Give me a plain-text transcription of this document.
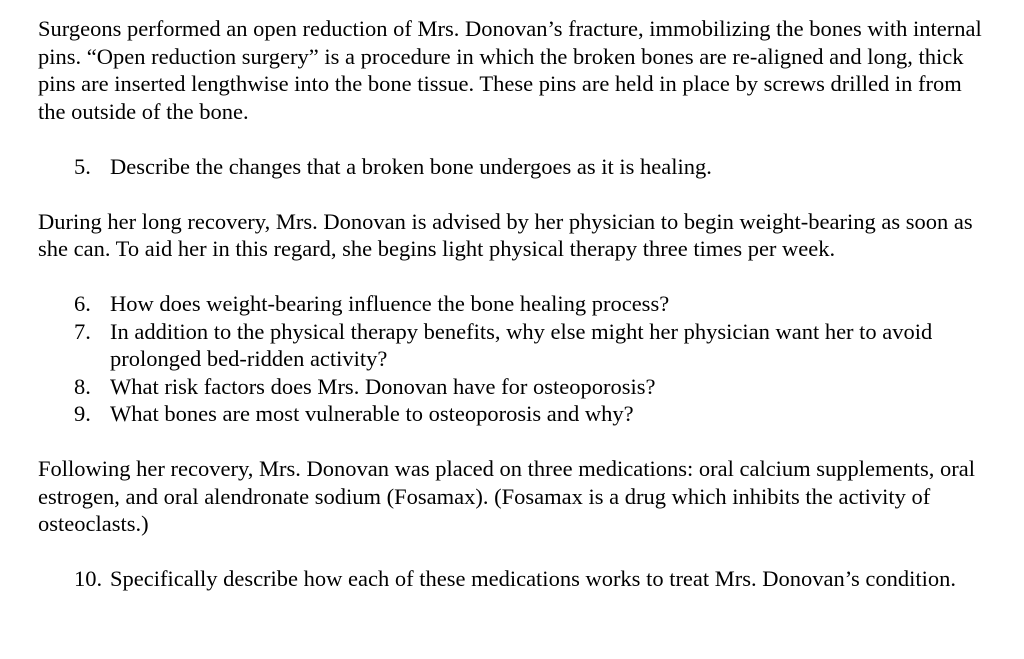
Surgeons performed an open reduction of Mrs. Donovan’s fracture, immobilizing the bones with internal pins. “Open reduction surgery” is a procedure in which the broken bones are re-aligned and long, thick pins are inserted lengthwise into the bone tissue. These pins are held in place by screws drilled in from the outside of the bone.

5. Describe the changes that a broken bone undergoes as it is healing.

During her long recovery, Mrs. Donovan is advised by her physician to begin weight-bearing as soon as she can. To aid her in this regard, she begins light physical therapy three times per week.

6. How does weight-bearing influence the bone healing process?
7. In addition to the physical therapy benefits, why else might her physician want her to avoid prolonged bed-ridden activity?
8. What risk factors does Mrs. Donovan have for osteoporosis?
9. What bones are most vulnerable to osteoporosis and why?

Following her recovery, Mrs. Donovan was placed on three medications: oral calcium supplements, oral estrogen, and oral alendronate sodium (Fosamax). (Fosamax is a drug which inhibits the activity of osteoclasts.)

10. Specifically describe how each of these medications works to treat Mrs. Donovan’s condition.
